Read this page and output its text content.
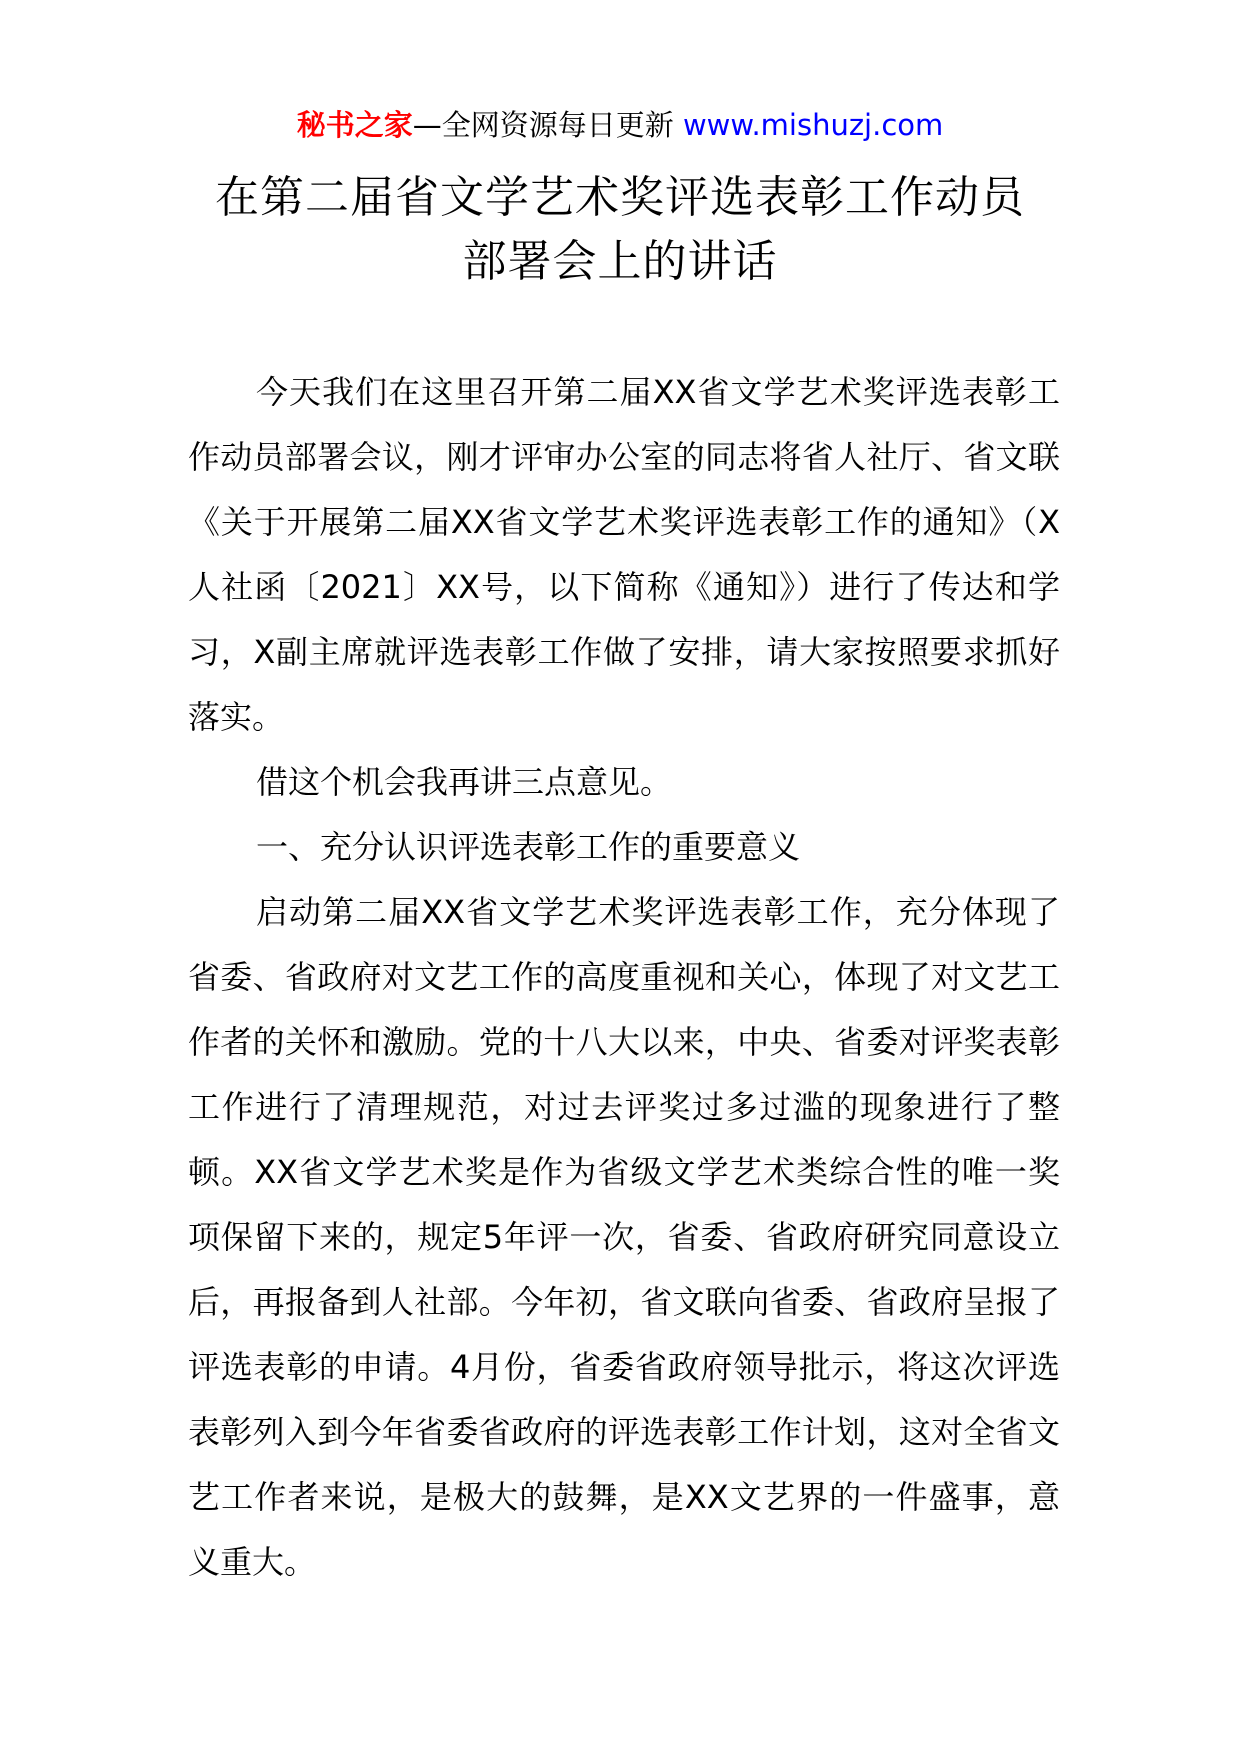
秘书之家—全网资源每日更新 www.mishuzj.com
在第二届省文学艺术奖评选表彰工作动员
部署会上的讲话

今天我们在这里召开第二届XX省文学艺术奖评选表彰工作动员部署会议，刚才评审办公室的同志将省人社厅、省文联《关于开展第二届XX省文学艺术奖评选表彰工作的通知》（X人社函〔2021〕XX号，以下简称《通知》）进行了传达和学习，X副主席就评选表彰工作做了安排，请大家按照要求抓好落实。

借这个机会我再讲三点意见。

一、充分认识评选表彰工作的重要意义

启动第二届XX省文学艺术奖评选表彰工作，充分体现了省委、省政府对文艺工作的高度重视和关心，体现了对文艺工作者的关怀和激励。党的十八大以来，中央、省委对评奖表彰工作进行了清理规范，对过去评奖过多过滥的现象进行了整顿。XX省文学艺术奖是作为省级文学艺术类综合性的唯一奖项保留下来的，规定5年评一次，省委、省政府研究同意设立后，再报备到人社部。今年初，省文联向省委、省政府呈报了评选表彰的申请。4月份，省委省政府领导批示，将这次评选表彰列入到今年省委省政府的评选表彰工作计划，这对全省文艺工作者来说，是极大的鼓舞，是XX文艺界的一件盛事，意义重大。
